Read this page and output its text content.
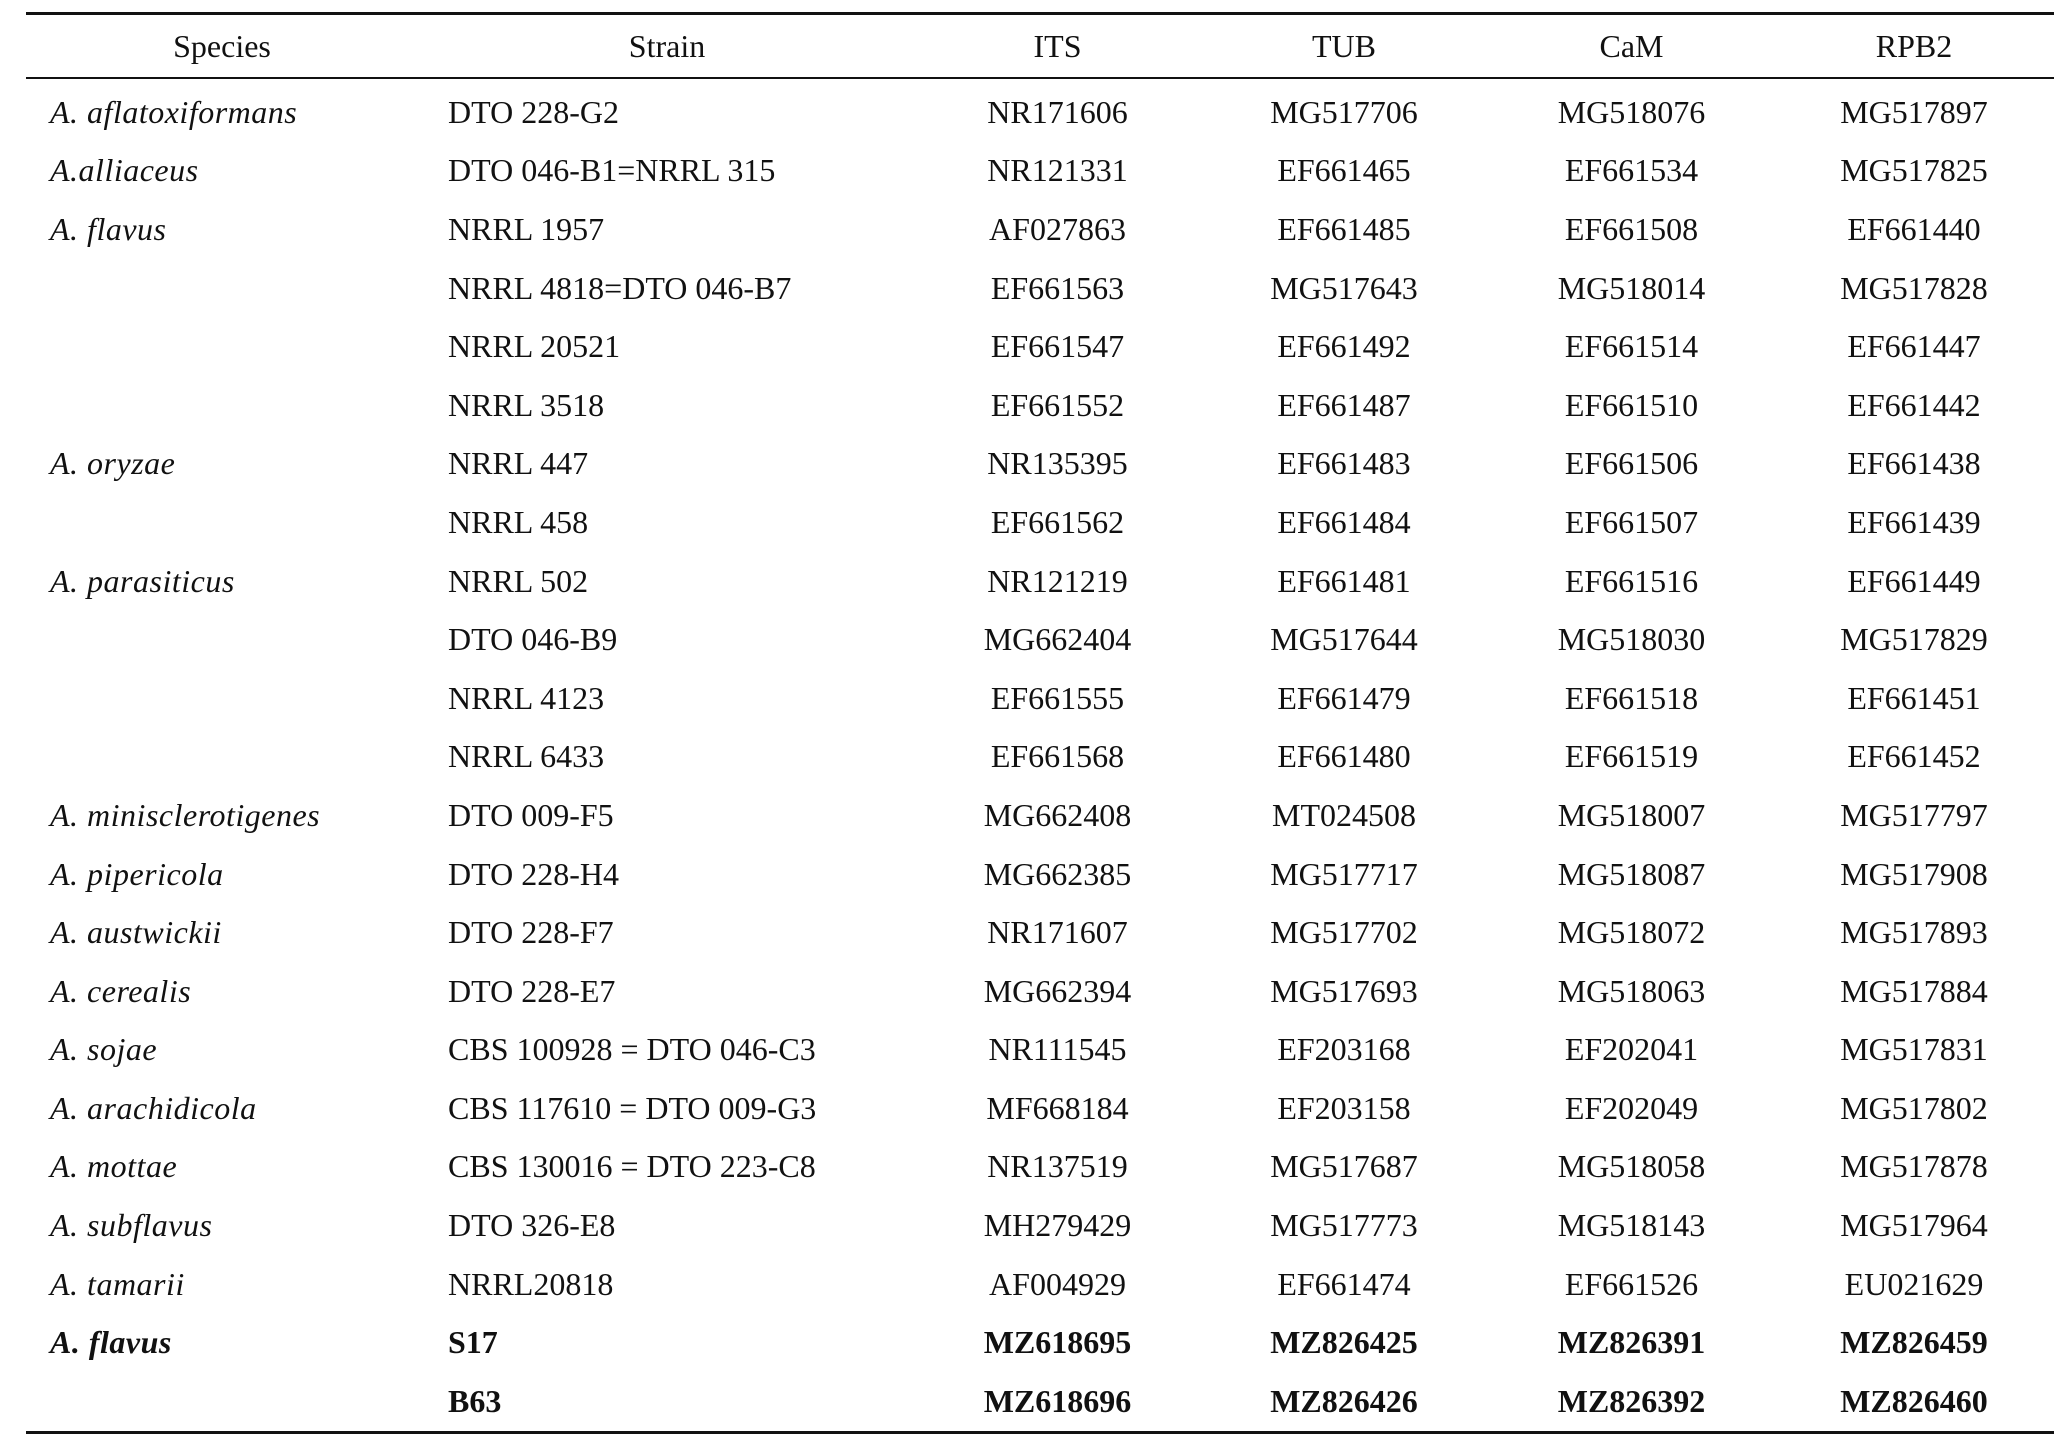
Species	Strain	ITS	TUB	CaM	RPB2
A. aflatoxiformans	DTO 228-G2	NR171606	MG517706	MG518076	MG517897
A.alliaceus	DTO 046-B1=NRRL 315	NR121331	EF661465	EF661534	MG517825
A. flavus	NRRL 1957	AF027863	EF661485	EF661508	EF661440
	NRRL 4818=DTO 046-B7	EF661563	MG517643	MG518014	MG517828
	NRRL 20521	EF661547	EF661492	EF661514	EF661447
	NRRL 3518	EF661552	EF661487	EF661510	EF661442
A. oryzae	NRRL 447	NR135395	EF661483	EF661506	EF661438
	NRRL 458	EF661562	EF661484	EF661507	EF661439
A. parasiticus	NRRL 502	NR121219	EF661481	EF661516	EF661449
	DTO 046-B9	MG662404	MG517644	MG518030	MG517829
	NRRL 4123	EF661555	EF661479	EF661518	EF661451
	NRRL 6433	EF661568	EF661480	EF661519	EF661452
A. minisclerotigenes	DTO 009-F5	MG662408	MT024508	MG518007	MG517797
A. pipericola	DTO 228-H4	MG662385	MG517717	MG518087	MG517908
A. austwickii	DTO 228-F7	NR171607	MG517702	MG518072	MG517893
A. cerealis	DTO 228-E7	MG662394	MG517693	MG518063	MG517884
A. sojae	CBS 100928 = DTO 046-C3	NR111545	EF203168	EF202041	MG517831
A. arachidicola	CBS 117610 = DTO 009-G3	MF668184	EF203158	EF202049	MG517802
A. mottae	CBS 130016 = DTO 223-C8	NR137519	MG517687	MG518058	MG517878
A. subflavus	DTO 326-E8	MH279429	MG517773	MG518143	MG517964
A. tamarii	NRRL20818	AF004929	EF661474	EF661526	EU021629
A. flavus	S17	MZ618695	MZ826425	MZ826391	MZ826459
	B63	MZ618696	MZ826426	MZ826392	MZ826460
